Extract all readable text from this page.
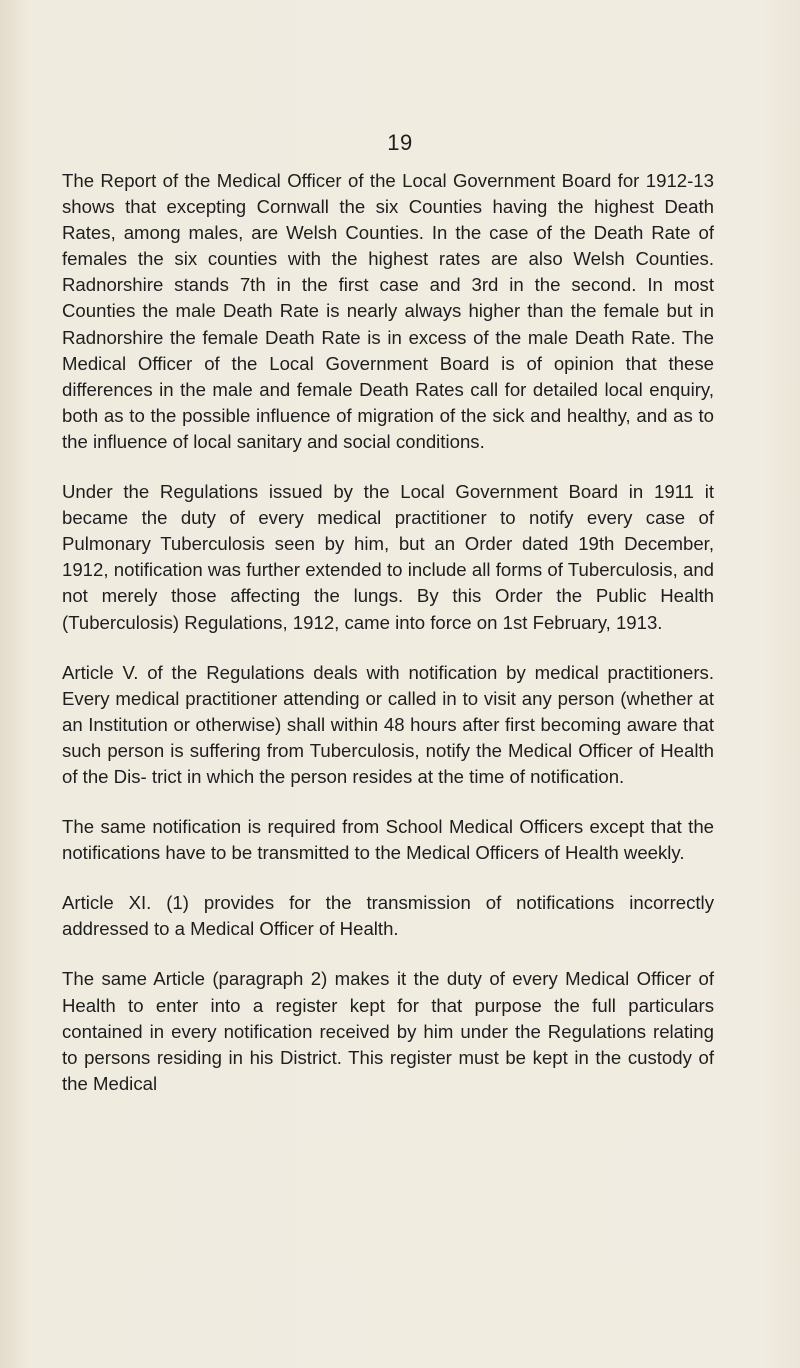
19

The Report of the Medical Officer of the Local Government Board for 1912-13 shows that excepting Cornwall the six Counties having the highest Death Rates, among males, are Welsh Counties. In the case of the Death Rate of females the six counties with the highest rates are also Welsh Counties. Radnorshire stands 7th in the first case and 3rd in the second. In most Counties the male Death Rate is nearly always higher than the female but in Radnorshire the female Death Rate is in excess of the male Death Rate. The Medical Officer of the Local Government Board is of opinion that these differences in the male and female Death Rates call for detailed local enquiry, both as to the possible influence of migration of the sick and healthy, and as to the influence of local sanitary and social conditions.

Under the Regulations issued by the Local Government Board in 1911 it became the duty of every medical practitioner to notify every case of Pulmonary Tuberculosis seen by him, but an Order dated 19th December, 1912, notification was further extended to include all forms of Tuberculosis, and not merely those affecting the lungs. By this Order the Public Health (Tuberculosis) Regulations, 1912, came into force on 1st February, 1913.

Article V. of the Regulations deals with notification by medical practitioners. Every medical practitioner attending or called in to visit any person (whether at an Institution or otherwise) shall within 48 hours after first becoming aware that such person is suffering from Tuberculosis, notify the Medical Officer of Health of the Dis- trict in which the person resides at the time of notification.

The same notification is required from School Medical Officers except that the notifications have to be transmitted to the Medical Officers of Health weekly.

Article XI. (1) provides for the transmission of notifications incorrectly addressed to a Medical Officer of Health.

The same Article (paragraph 2) makes it the duty of every Medical Officer of Health to enter into a register kept for that purpose the full particulars contained in every notification received by him under the Regulations relating to persons residing in his District. This register must be kept in the custody of the Medical
